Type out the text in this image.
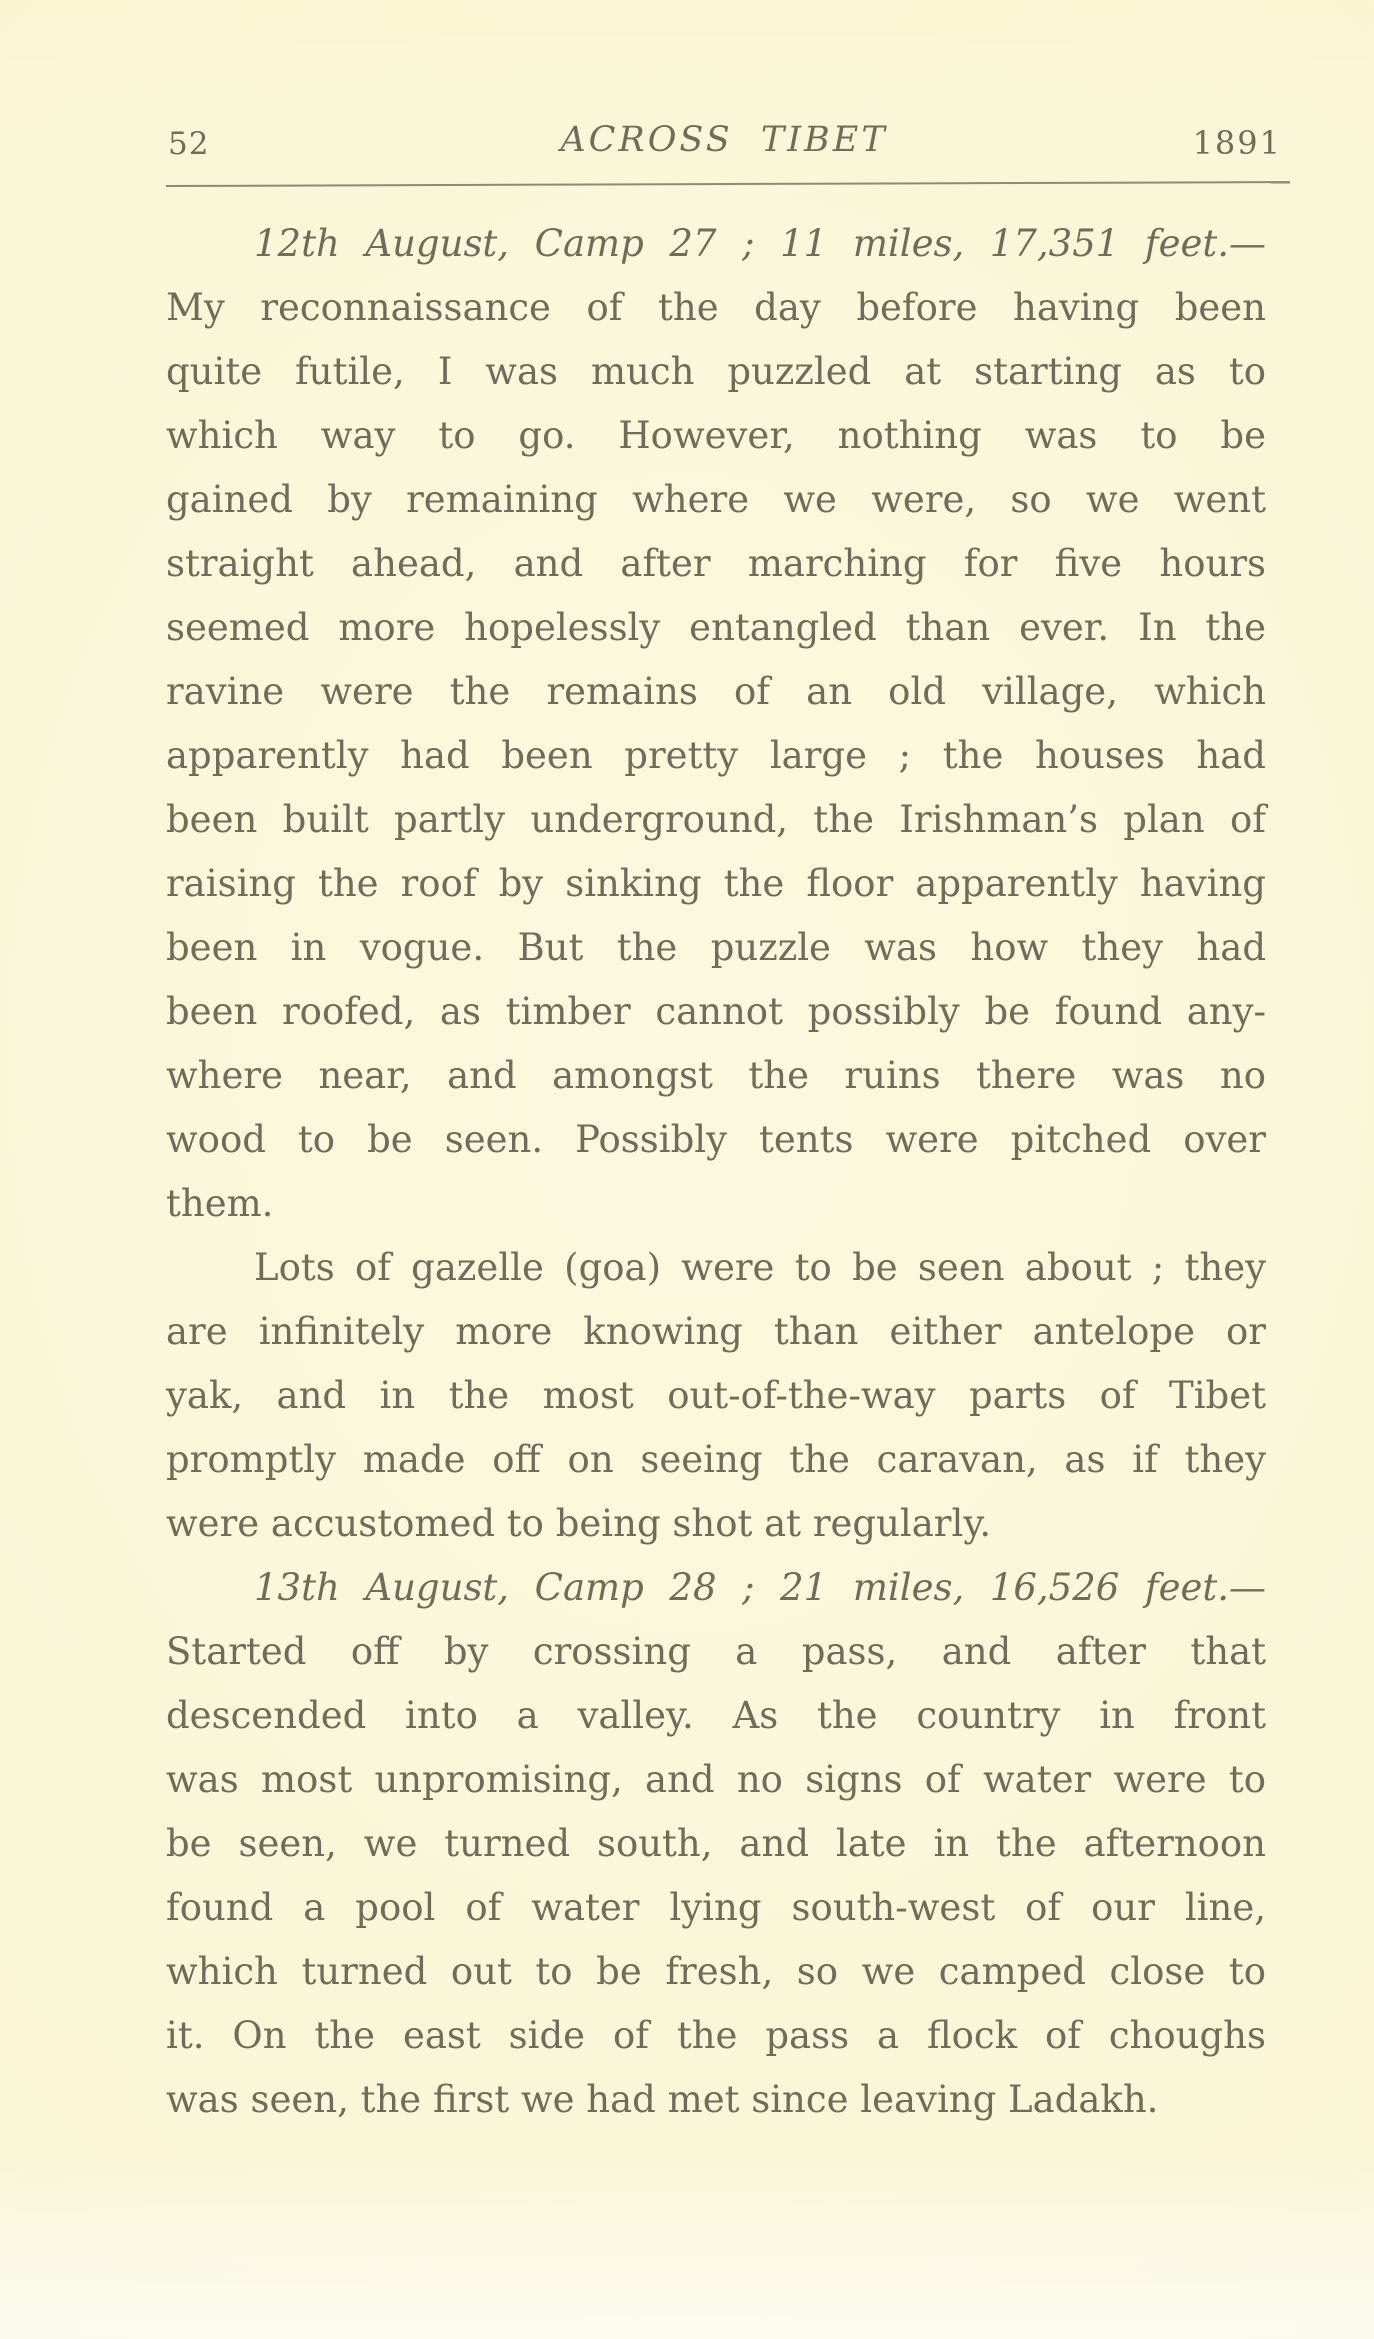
52	ACROSS TIBET	1891
12th August, Camp 27 ; 11 miles, 17,351 feet.—
My reconnaissance of the day before having been
quite futile, I was much puzzled at starting as to
which way to go. However, nothing was to be
gained by remaining where we were, so we went
straight ahead, and after marching for five hours
seemed more hopelessly entangled than ever. In the
ravine were the remains of an old village, which
apparently had been pretty large ; the houses had
been built partly underground, the Irishman’s plan of
raising the roof by sinking the floor apparently having
been in vogue. But the puzzle was how they had
been roofed, as timber cannot possibly be found any-
where near, and amongst the ruins there was no
wood to be seen. Possibly tents were pitched over
them.
Lots of gazelle (goa) were to be seen about ; they
are infinitely more knowing than either antelope or
yak, and in the most out-of-the-way parts of Tibet
promptly made off on seeing the caravan, as if they
were accustomed to being shot at regularly.
13th August, Camp 28 ; 21 miles, 16,526 feet.—
Started off by crossing a pass, and after that
descended into a valley. As the country in front
was most unpromising, and no signs of water were to
be seen, we turned south, and late in the afternoon
found a pool of water lying south-west of our line,
which turned out to be fresh, so we camped close to
it. On the east side of the pass a flock of choughs
was seen, the first we had met since leaving Ladakh.
